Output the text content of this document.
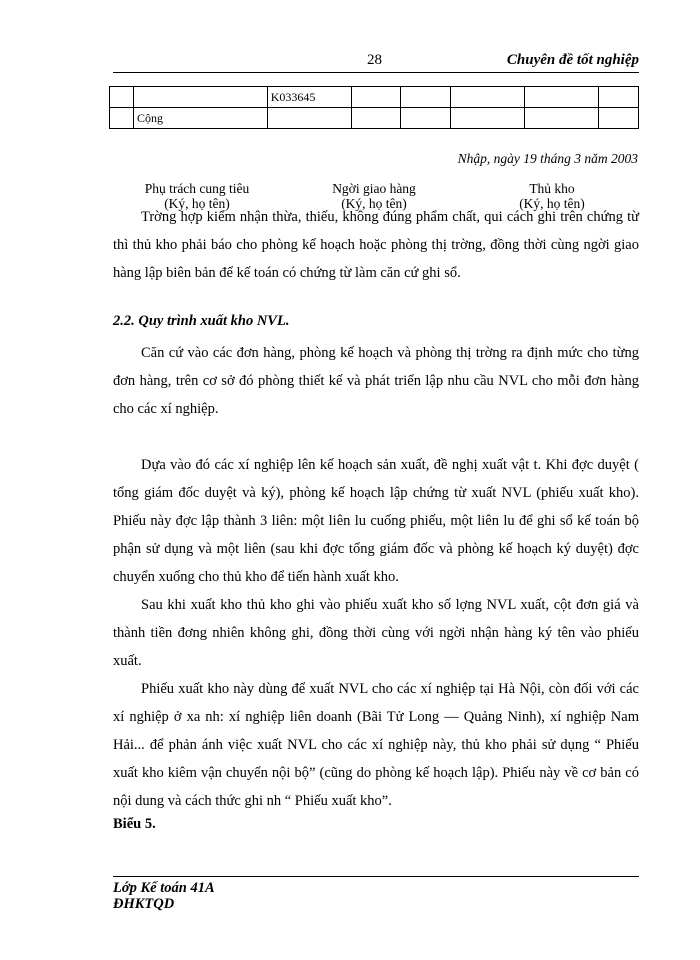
28	Chuyên đề tốt nghiệp
		K033645					
	Cộng						
Nhập, ngày 19 tháng 3 năm 2003
Phụ trách cung tiêu
(Ký, họ tên)
Ngời giao hàng
(Ký, họ tên)
Thủ kho
(Ký, họ tên)

Trờng hợp kiểm nhận thừa, thiếu, không đúng phẩm chất, qui cách ghi trên chứng từ thì thủ kho phải báo cho phòng kế hoạch hoặc phòng thị trờng, đồng thời cùng ngời giao hàng lập biên bản để kế toán có chứng từ làm căn cứ ghi sổ.

2.2. Quy trình xuất kho NVL.

Căn cứ vào các đơn hàng, phòng kế hoạch và phòng thị trờng ra định mức cho từng đơn hàng, trên cơ sở đó phòng thiết kế và phát triển lập nhu cầu NVL cho mỗi đơn hàng cho các xí nghiệp.

Dựa vào đó các xí nghiệp lên kế hoạch sản xuất, đề nghị xuất vật t. Khi đợc duyệt ( tổng giám đốc duyệt và ký), phòng kế hoạch lập chứng từ xuất NVL (phiếu xuất kho). Phiếu này đợc lập thành 3 liên: một liên lu cuống phiếu, một liên lu để ghi sổ kế toán bộ phận sử dụng và một liên (sau khi đợc tổng giám đốc và phòng kế hoạch ký duyệt) đợc chuyển xuống cho thủ kho để tiến hành xuất kho.

Sau khi xuất kho thủ kho ghi vào phiếu xuất kho số lợng NVL xuất, cột đơn giá và thành tiền đơng nhiên không ghi, đồng thời cùng với ngời nhận hàng ký tên vào phiếu xuất.

Phiếu xuất kho này dùng để xuất NVL cho các xí nghiệp tại Hà Nội, còn đối với các xí nghiệp ở xa nh: xí nghiệp liên doanh (Bãi Tử Long — Quảng Ninh), xí nghiệp Nam Hải... để phản ánh việc xuất NVL cho các xí nghiệp này, thủ kho phải sử dụng “ Phiếu xuất kho kiêm vận chuyển nội bộ” (cũng do phòng kế hoạch lập). Phiếu này về cơ bản có nội dung và cách thức ghi nh “ Phiếu xuất kho”.

Biểu 5.
Lớp Kế toán 41A
ĐHKTQD
